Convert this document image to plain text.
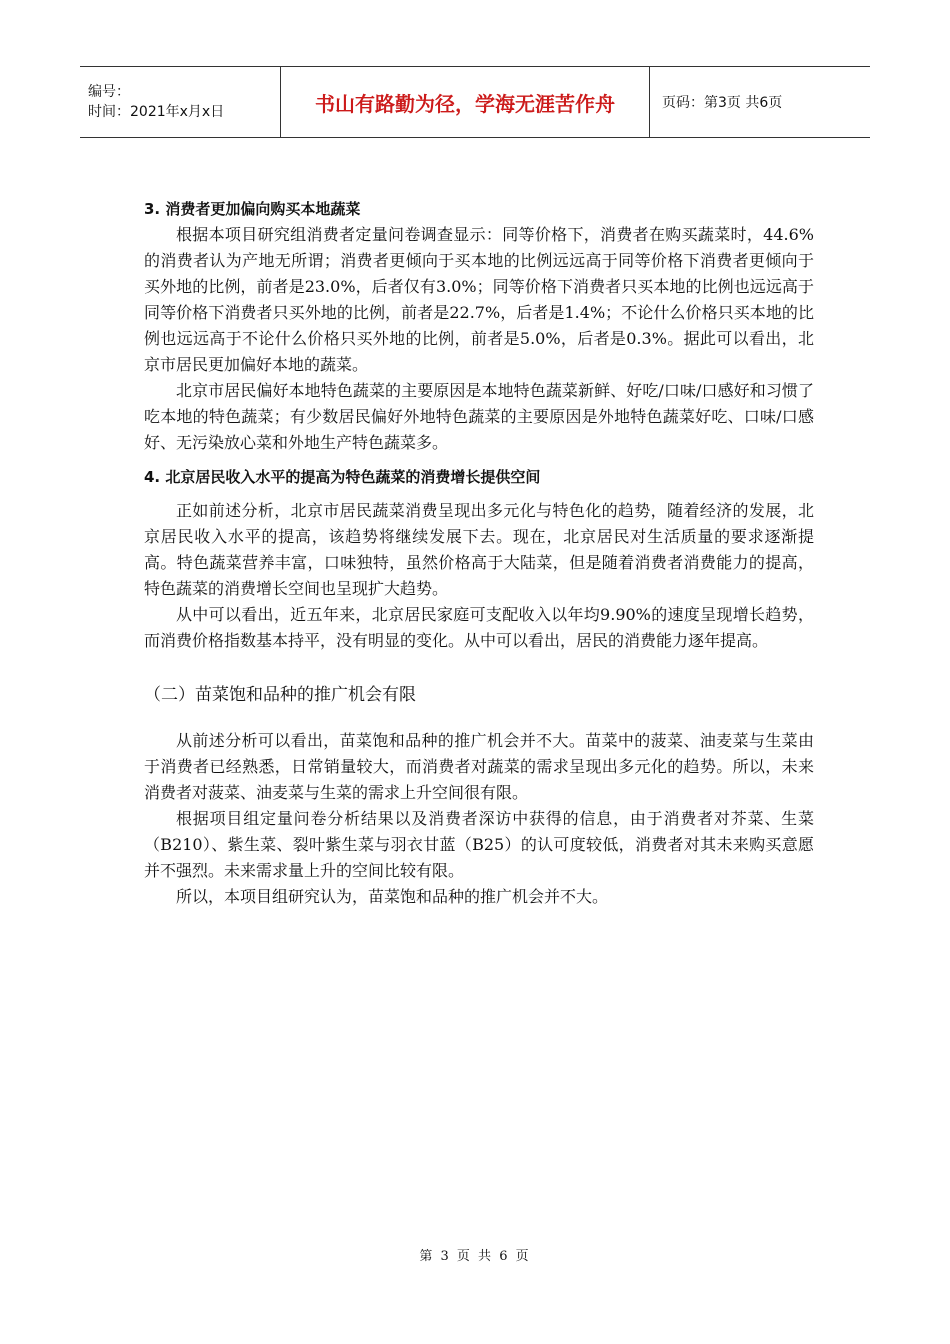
编号：
时间：2021年x月x日	书山有路勤为径，学海无涯苦作舟	页码：第3页 共6页

3. 消费者更加偏向购买本地蔬菜

根据本项目研究组消费者定量问卷调查显示：同等价格下，消费者在购买蔬菜时，44.6%的消费者认为产地无所谓；消费者更倾向于买本地的比例远远高于同等价格下消费者更倾向于买外地的比例，前者是23.0%，后者仅有3.0%；同等价格下消费者只买本地的比例也远远高于同等价格下消费者只买外地的比例，前者是22.7%，后者是1.4%；不论什么价格只买本地的比例也远远高于不论什么价格只买外地的比例，前者是5.0%，后者是0.3%。据此可以看出，北京市居民更加偏好本地的蔬菜。

北京市居民偏好本地特色蔬菜的主要原因是本地特色蔬菜新鲜、好吃/口味/口感好和习惯了吃本地的特色蔬菜；有少数居民偏好外地特色蔬菜的主要原因是外地特色蔬菜好吃、口味/口感好、无污染放心菜和外地生产特色蔬菜多。

4. 北京居民收入水平的提高为特色蔬菜的消费增长提供空间

正如前述分析，北京市居民蔬菜消费呈现出多元化与特色化的趋势，随着经济的发展，北京居民收入水平的提高，该趋势将继续发展下去。现在，北京居民对生活质量的要求逐渐提高。特色蔬菜营养丰富，口味独特，虽然价格高于大陆菜，但是随着消费者消费能力的提高，特色蔬菜的消费增长空间也呈现扩大趋势。

从中可以看出，近五年来，北京居民家庭可支配收入以年均9.90%的速度呈现增长趋势，而消费价格指数基本持平，没有明显的变化。从中可以看出，居民的消费能力逐年提高。

（二）苗菜饱和品种的推广机会有限

从前述分析可以看出，苗菜饱和品种的推广机会并不大。苗菜中的菠菜、油麦菜与生菜由于消费者已经熟悉，日常销量较大，而消费者对蔬菜的需求呈现出多元化的趋势。所以，未来消费者对菠菜、油麦菜与生菜的需求上升空间很有限。

根据项目组定量问卷分析结果以及消费者深访中获得的信息，由于消费者对芥菜、生菜（B210）、紫生菜、裂叶紫生菜与羽衣甘蓝（B25）的认可度较低，消费者对其未来购买意愿并不强烈。未来需求量上升的空间比较有限。

所以，本项目组研究认为，苗菜饱和品种的推广机会并不大。

第 3 页 共 6 页
